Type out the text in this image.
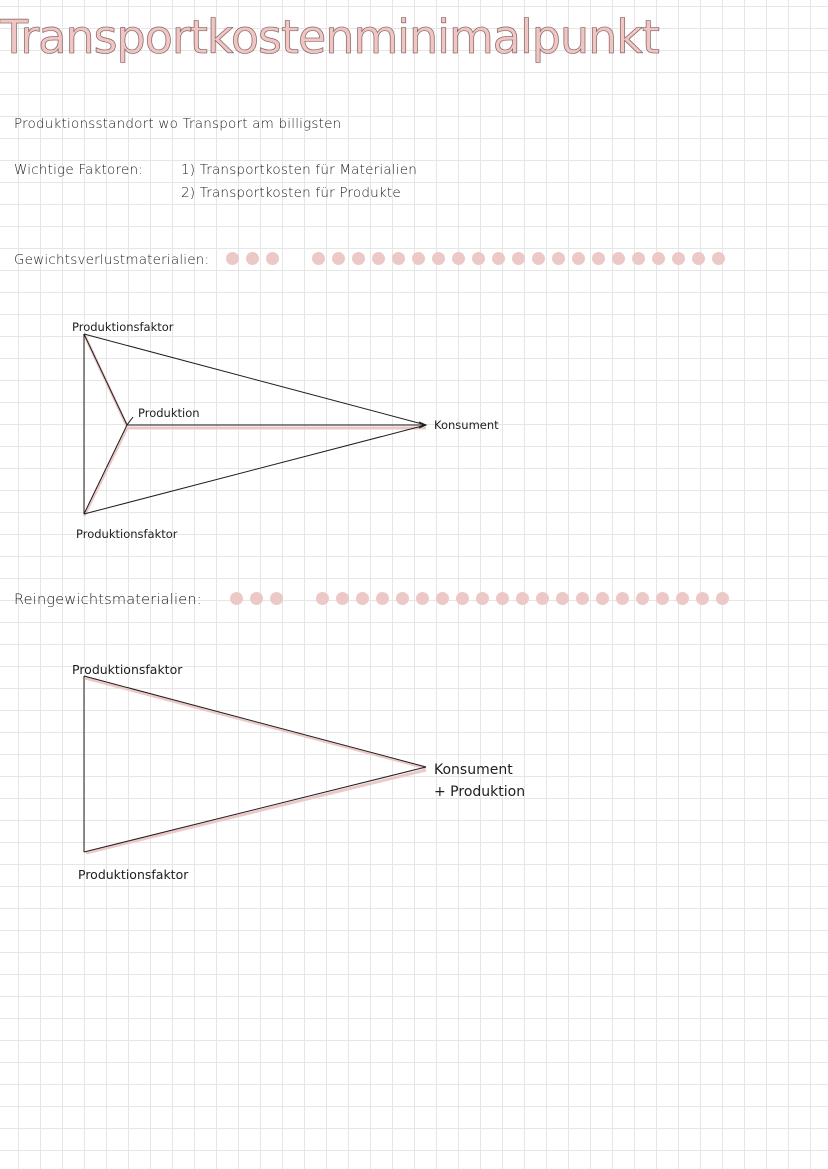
Transportkostenminimalpunkt
Produktionsstandort wo Transport am billigsten
Wichtige Faktoren:	1) Transportkosten für Materialien
2) Transportkosten für Produkte
Gewichtsverlustmaterialien:
Produktionsfaktor
Produktion
Konsument
Produktionsfaktor
Reingewichtsmaterialien:
Produktionsfaktor
Konsument
+ Produktion
Produktionsfaktor
